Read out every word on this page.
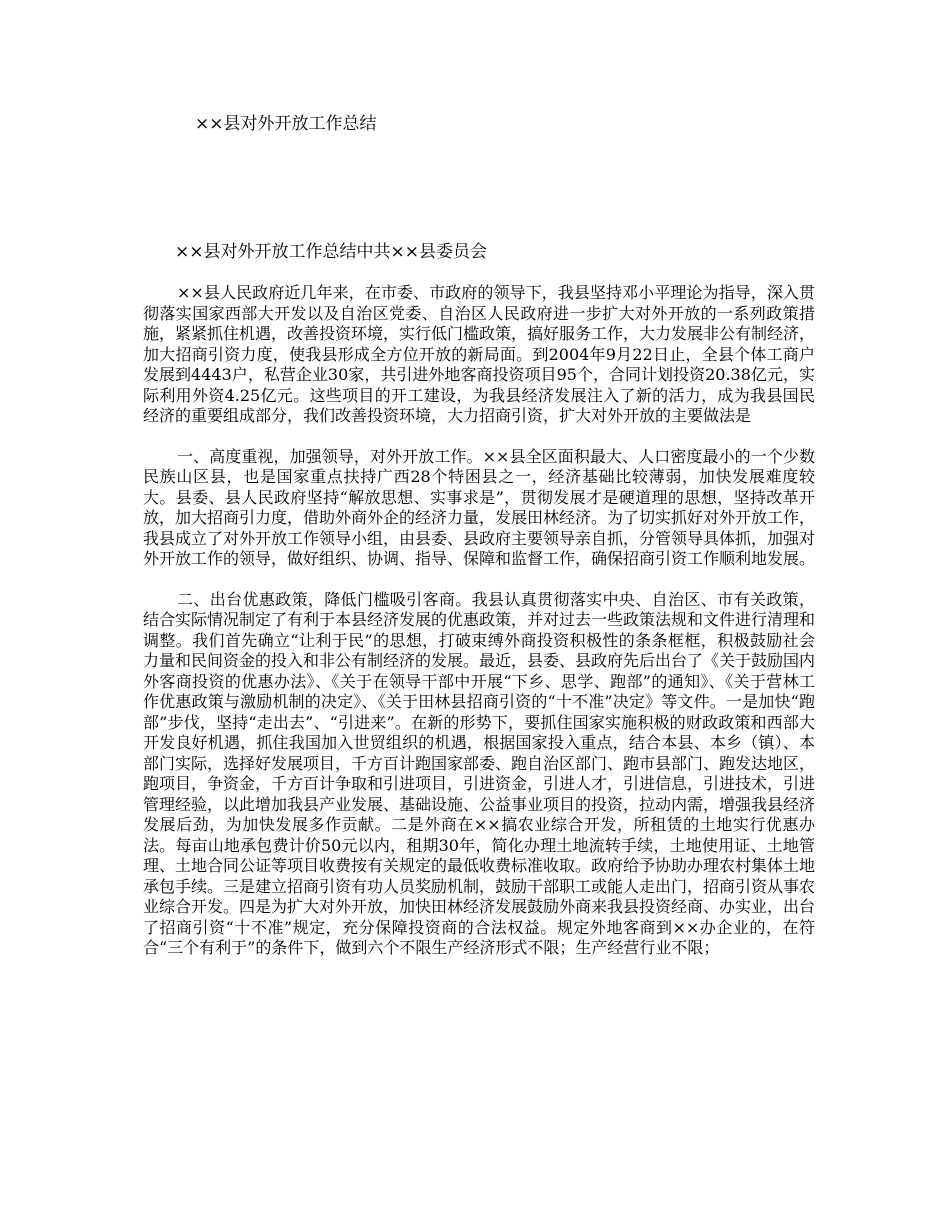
××县对外开放工作总结
××县对外开放工作总结中共××县委员会

××县人民政府近几年来，在市委、市政府的领导下，我县坚持邓小平理论为指导，深入贯彻落实国家西部大开发以及自治区党委、自治区人民政府进一步扩大对外开放的一系列政策措施，紧紧抓住机遇，改善投资环境，实行低门槛政策，搞好服务工作，大力发展非公有制经济，加大招商引资力度，使我县形成全方位开放的新局面。到2004年9月22日止，全县个体工商户发展到4443户，私营企业30家，共引进外地客商投资项目95个，合同计划投资20.38亿元，实际利用外资4.25亿元。这些项目的开工建设，为我县经济发展注入了新的活力，成为我县国民经济的重要组成部分，我们改善投资环境，大力招商引资，扩大对外开放的主要做法是

一、高度重视，加强领导，对外开放工作。××县全区面积最大、人口密度最小的一个少数民族山区县，也是国家重点扶持广西28个特困县之一，经济基础比较薄弱，加快发展难度较大。县委、县人民政府坚持“解放思想、实事求是”，贯彻发展才是硬道理的思想，坚持改革开放，加大招商引力度，借助外商外企的经济力量，发展田林经济。为了切实抓好对外开放工作，我县成立了对外开放工作领导小组，由县委、县政府主要领导亲自抓，分管领导具体抓，加强对外开放工作的领导，做好组织、协调、指导、保障和监督工作，确保招商引资工作顺利地发展。

二、出台优惠政策，降低门槛吸引客商。我县认真贯彻落实中央、自治区、市有关政策，结合实际情况制定了有利于本县经济发展的优惠政策，并对过去一些政策法规和文件进行清理和调整。我们首先确立“让利于民”的思想，打破束缚外商投资积极性的条条框框，积极鼓励社会力量和民间资金的投入和非公有制经济的发展。最近，县委、县政府先后出台了《关于鼓励国内外客商投资的优惠办法》、《关于在领导干部中开展“下乡、思学、跑部”的通知》、《关于营林工作优惠政策与激励机制的决定》、《关于田林县招商引资的“十不准”决定》等文件。一是加快“跑部”步伐，坚持“走出去”、“引进来”。在新的形势下，要抓住国家实施积极的财政政策和西部大开发良好机遇，抓住我国加入世贸组织的机遇，根据国家投入重点，结合本县、本乡（镇）、本部门实际，选择好发展项目，千方百计跑国家部委、跑自治区部门、跑市县部门、跑发达地区，跑项目，争资金，千方百计争取和引进项目，引进资金，引进人才，引进信息，引进技术，引进管理经验，以此增加我县产业发展、基础设施、公益事业项目的投资，拉动内需，增强我县经济发展后劲，为加快发展多作贡献。二是外商在××搞农业综合开发，所租赁的土地实行优惠办法。每亩山地承包费计价50元以内，租期30年，简化办理土地流转手续，土地使用证、土地管理、土地合同公证等项目收费按有关规定的最低收费标准收取。政府给予协助办理农村集体土地承包手续。三是建立招商引资有功人员奖励机制，鼓励干部职工或能人走出门，招商引资从事农业综合开发。四是为扩大对外开放，加快田林经济发展鼓励外商来我县投资经商、办实业，出台了招商引资“十不准”规定，充分保障投资商的合法权益。规定外地客商到××办企业的，在符合“三个有利于”的条件下，做到六个不限生产经济形式不限；生产经营行业不限；
